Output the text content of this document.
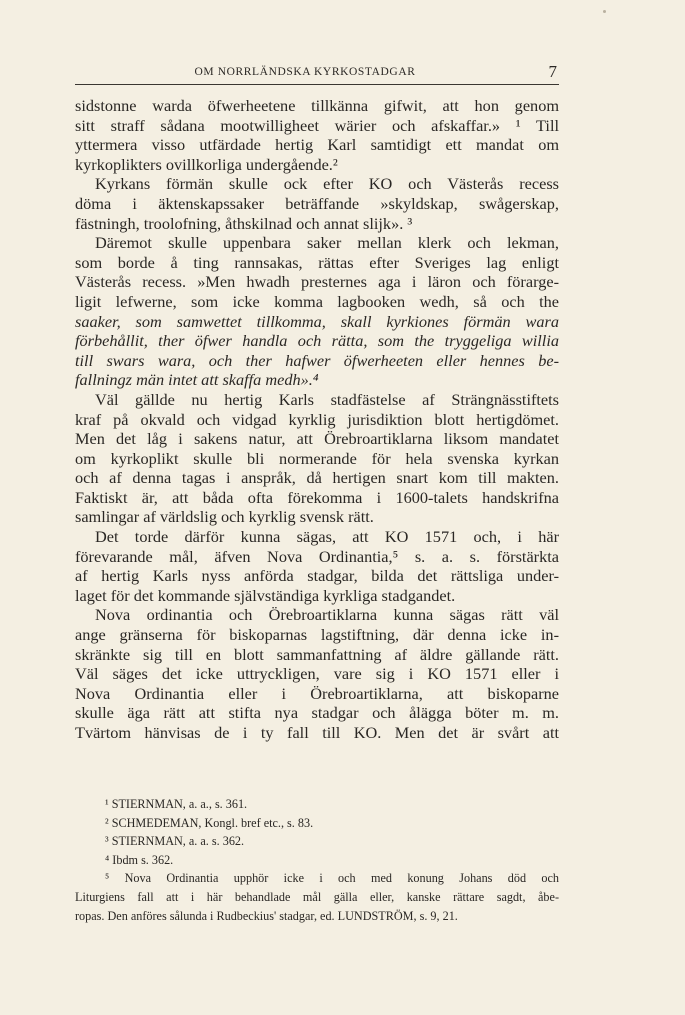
OM NORRLÄNDSKA KYRKOSTADGAR	7
sidstonne warda öfwerheetene tillkänna gifwit, att hon genom
sitt straff sådana mootwilligheet wärier och afskaffar.» ¹ Till
yttermera visso utfärdade hertig Karl samtidigt ett mandat om
kyrkoplikters ovillkorliga undergående.²
Kyrkans förmän skulle ock efter KO och Västerås recess
döma i äktenskapssaker beträffande »skyldskap, swågerskap,
fästningh, troolofning, åthskilnad och annat slijk». ³
Däremot skulle uppenbara saker mellan klerk och lekman,
som borde å ting rannsakas, rättas efter Sveriges lag enligt
Västerås recess. »Men hwadh presternes aga i läron och förarge-
ligit lefwerne, som icke komma lagbooken wedh, så och the
saaker, som samwettet tillkomma, skall kyrkiones förmän wara
förbehållit, ther öfwer handla och rätta, som the tryggeliga willia
till swars wara, och ther hafwer öfwerheeten eller hennes be-
fallningz män intet att skaffa medh».⁴
Väl gällde nu hertig Karls stadfästelse af Strängnässtiftets
kraf på okvald och vidgad kyrklig jurisdiktion blott hertigdömet.
Men det låg i sakens natur, att Örebroartiklarna liksom mandatet
om kyrkoplikt skulle bli normerande för hela svenska kyrkan
och af denna tagas i anspråk, då hertigen snart kom till makten.
Faktiskt är, att båda ofta förekomma i 1600-talets handskrifna
samlingar af världslig och kyrklig svensk rätt.
Det torde därför kunna sägas, att KO 1571 och, i här
förevarande mål, äfven Nova Ordinantia,⁵ s. a. s. förstärkta
af hertig Karls nyss anförda stadgar, bilda det rättsliga under-
laget för det kommande självständiga kyrkliga stadgandet.
Nova ordinantia och Örebroartiklarna kunna sägas rätt väl
ange gränserna för biskoparnas lagstiftning, där denna icke in-
skränkte sig till en blott sammanfattning af äldre gällande rätt.
Väl säges det icke uttryckligen, vare sig i KO 1571 eller i
Nova Ordinantia eller i Örebroartiklarna, att biskoparne
skulle äga rätt att stifta nya stadgar och ålägga böter m. m.
Tvärtom hänvisas de i ty fall till KO. Men det är svårt att
¹ STIERNMAN, a. a., s. 361.
² SCHMEDEMAN, Kongl. bref etc., s. 83.
³ STIERNMAN, a. a. s. 362.
⁴ Ibdm s. 362.
⁵ Nova Ordinantia upphör icke i och med konung Johans död och
Liturgiens fall att i här behandlade mål gälla eller, kanske rättare sagdt, åbe-
ropas. Den anföres sålunda i Rudbeckius' stadgar, ed. LUNDSTRÖM, s. 9, 21.
